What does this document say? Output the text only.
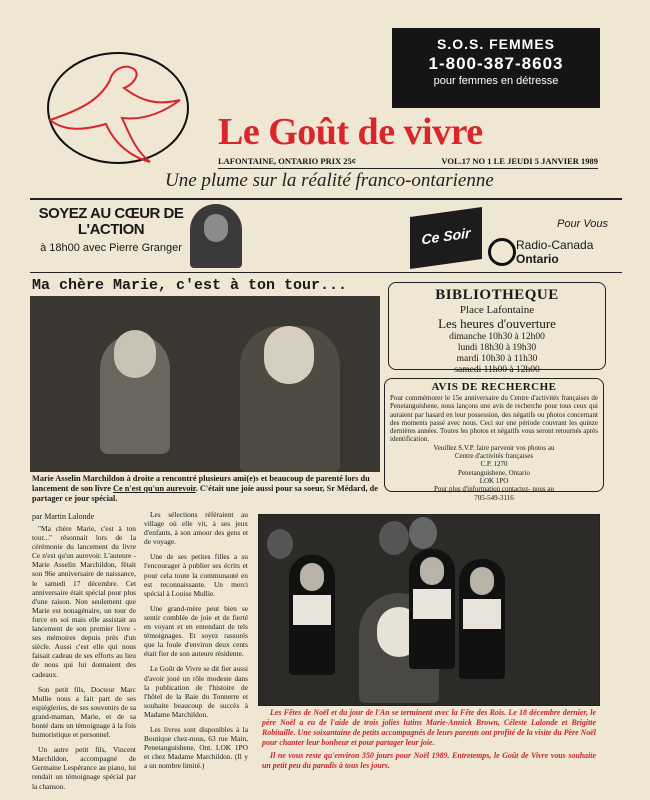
S.O.S. FEMMES
1-800-387-8603
pour femmes en détresse
Le Goût de vivre
LAFONTAINE, ONTARIO PRIX 25¢	VOL.17 NO 1 LE JEUDI 5 JANVIER 1989
Une plume sur la réalité franco-ontarienne
SOYEZ AU CŒUR DE L'ACTION
à 18h00 avec Pierre Granger
Ce Soir
Pour Vous
Radio-Canada
Ontario
Ma chère Marie, c'est à ton tour...
Marie Asselin Marchildon à droite a rencontré plusieurs ami(e)s et beaucoup de parenté lors du lancement de son livre Ce n'est qu'un aurevoir. C'était une joie aussi pour sa soeur, Sr Médard, de partager ce jour spécial.
BIBLIOTHEQUE
Place Lafontaine
Les heures d'ouverture
dimanche 10h30 à 12h00
lundi 18h30 à 19h30
mardi 10h30 à 11h30
samedi 11h00 à 12h00
AVIS DE RECHERCHE
Pour commémorer le 15e anniversaire du Centre d'activités françaises de Penetanguishene, nous lançons une avis de recherche pour tous ceux qui auraient par hasard en leur possession, des négatifs ou photos concernant des moments passé avec nous. Ceci sur une période couvrant les quinze dernières années. Toutes les photos et négatifs vous seront retournés après identification.
Veuillez S.V.P. faire parvenir vos photos au
Centre d'activités françaises
C.P. 1270
Penetanguishene, Ontario
LOK 1PO
Pour plus d'information contactez- nous au
705-549-3116
par Martin Lalonde

"Ma chère Marie, c'est à ton tour..." résonnait lors de la cérémonie du lancement du livre Ce n'est qu'un aurevoir. L'auteure - Marie Asselin Marchildon, fêtait son 96e anniversaire de naissance, le samedi 17 décembre. Cet anniversaire était spécial pour plus d'une raison. Non seulement que Marie est nonagénaire, un tour de force en soi mais elle assistait au lancement de son premier livre - ses mémoires depuis près d'un siècle. Aussi c'est elle qui nous faisait cadeau de ses efforts au lieu de nous qui lui donnaient des cadeaux.

Son petit fils, Docteur Marc Mullie nous a fait part de ses espiègleries, de ses souvenirs de sa grand-maman, Marie, et de sa bonté dans un témoignage à la fois humoristique et personnel.

Un autre petit fils, Vincent Marchildon, accompagné de Germaine Lespérance au piano, lui rendait un témoignage spécial par la chanson.

Les sélections référaient au village où elle vit, à ses jeux d'enfants, à son amour des gens et de voyage.

Une de ses petites filles a su l'encourager à publier ses écrits et pour cela toute la communauté en est reconnaissante. Un merci spécial à Louise Mullie.

Une grand-mère peut bien se sentir comblée de joie et de fierté en voyant et en entendant de tels témoignages. Et soyez rassurés que la foule d'environ deux cents était fier de son auteure résidente.

Le Goût de Vivre se dit fier aussi d'avoir joué un rôle modeste dans la publication de l'histoire de l'hôtel de la Baie du Tonnerre et souhaite beaucoup de succès à Madame Marchildon.

Les livres sont disponibles à la Boutique chez-nous, 63 rue Main, Penetanguishene, Ont. LOK 1PO et chez Madame Marchildon. (Il y a un nombre limité.)

Les Fêtes de Noël et du jour de l'An se terminent avec la Fête des Rois. Le 18 décembre dernier, le père Noël a eu de l'aide de trois jolies lutins Marie-Annick Brown, Céleste Lalonde et Brigitte Robitaille. Une soixantaine de petits accompagnés de leurs parents ont profité de la visite du Père Noël pour chanter leur bonheur et pour partager leur joie.

Il ne vous reste qu'environ 350 jours pour Noël 1989. Entretemps, le Goût de Vivre vous souhaite un petit peu du paradis à tous les jours.
